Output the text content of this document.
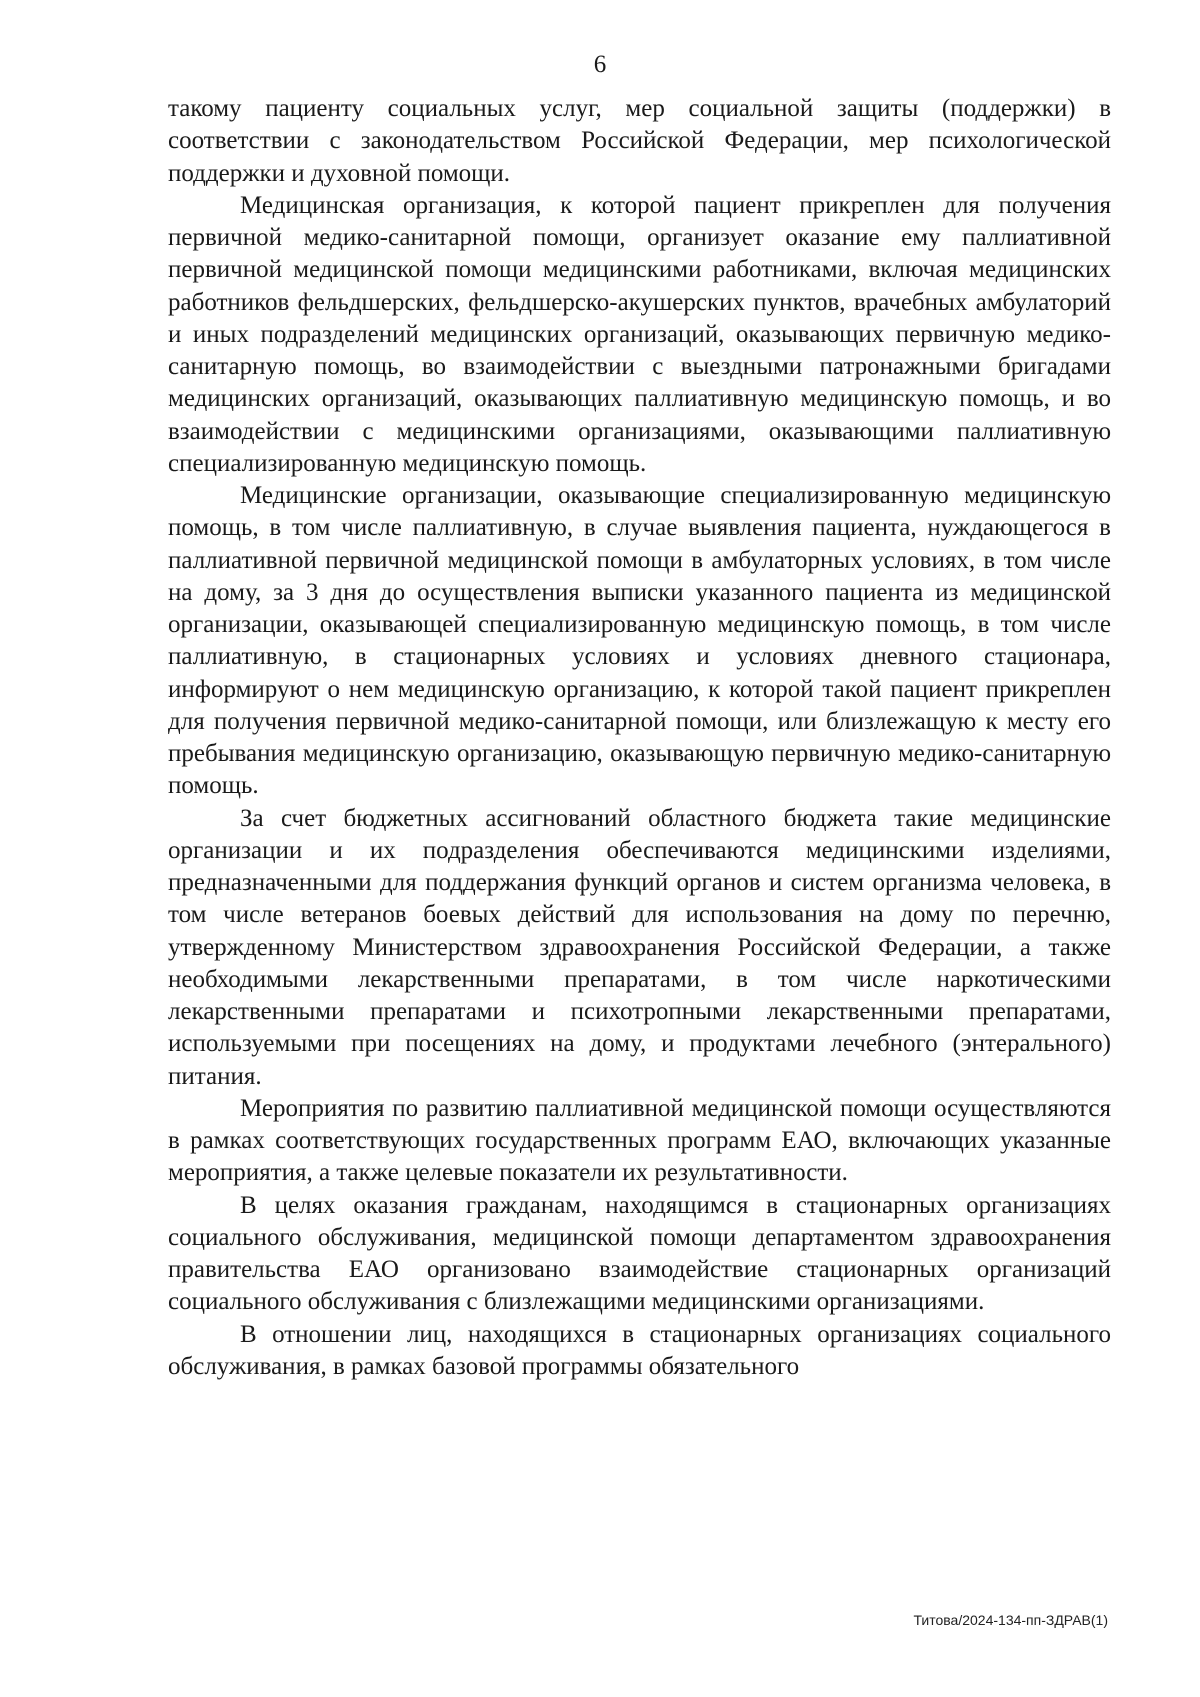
6

такому пациенту социальных услуг, мер социальной защиты (поддержки) в соответствии с законодательством Российской Федерации, мер психологической поддержки и духовной помощи.

Медицинская организация, к которой пациент прикреплен для получения первичной медико-санитарной помощи, организует оказание ему паллиативной первичной медицинской помощи медицинскими работниками, включая медицинских работников фельдшерских, фельдшерско-акушерских пунктов, врачебных амбулаторий и иных подразделений медицинских организаций, оказывающих первичную медико-санитарную помощь, во взаимодействии с выездными патронажными бригадами медицинских организаций, оказывающих паллиативную медицинскую помощь, и во взаимодействии с медицинскими организациями, оказывающими паллиативную специализированную медицинскую помощь.

Медицинские организации, оказывающие специализированную медицинскую помощь, в том числе паллиативную, в случае выявления пациента, нуждающегося в паллиативной первичной медицинской помощи в амбулаторных условиях, в том числе на дому, за 3 дня до осуществления выписки указанного пациента из медицинской организации, оказывающей специализированную медицинскую помощь, в том числе паллиативную, в стационарных условиях и условиях дневного стационара, информируют о нем медицинскую организацию, к которой такой пациент прикреплен для получения первичной медико-санитарной помощи, или близлежащую к месту его пребывания медицинскую организацию, оказывающую первичную медико-санитарную помощь.

За счет бюджетных ассигнований областного бюджета такие медицинские организации и их подразделения обеспечиваются медицинскими изделиями, предназначенными для поддержания функций органов и систем организма человека, в том числе ветеранов боевых действий для использования на дому по перечню, утвержденному Министерством здравоохранения Российской Федерации, а также необходимыми лекарственными препаратами, в том числе наркотическими лекарственными препаратами и психотропными лекарственными препаратами, используемыми при посещениях на дому, и продуктами лечебного (энтерального) питания.

Мероприятия по развитию паллиативной медицинской помощи осуществляются в рамках соответствующих государственных программ ЕАО, включающих указанные мероприятия, а также целевые показатели их результативности.

В целях оказания гражданам, находящимся в стационарных организациях социального обслуживания, медицинской помощи департаментом здравоохранения правительства ЕАО организовано взаимодействие стационарных организаций социального обслуживания с близлежащими медицинскими организациями.

В отношении лиц, находящихся в стационарных организациях социального обслуживания, в рамках базовой программы обязательного

Титова/2024-134-пп-ЗДРАВ(1)
